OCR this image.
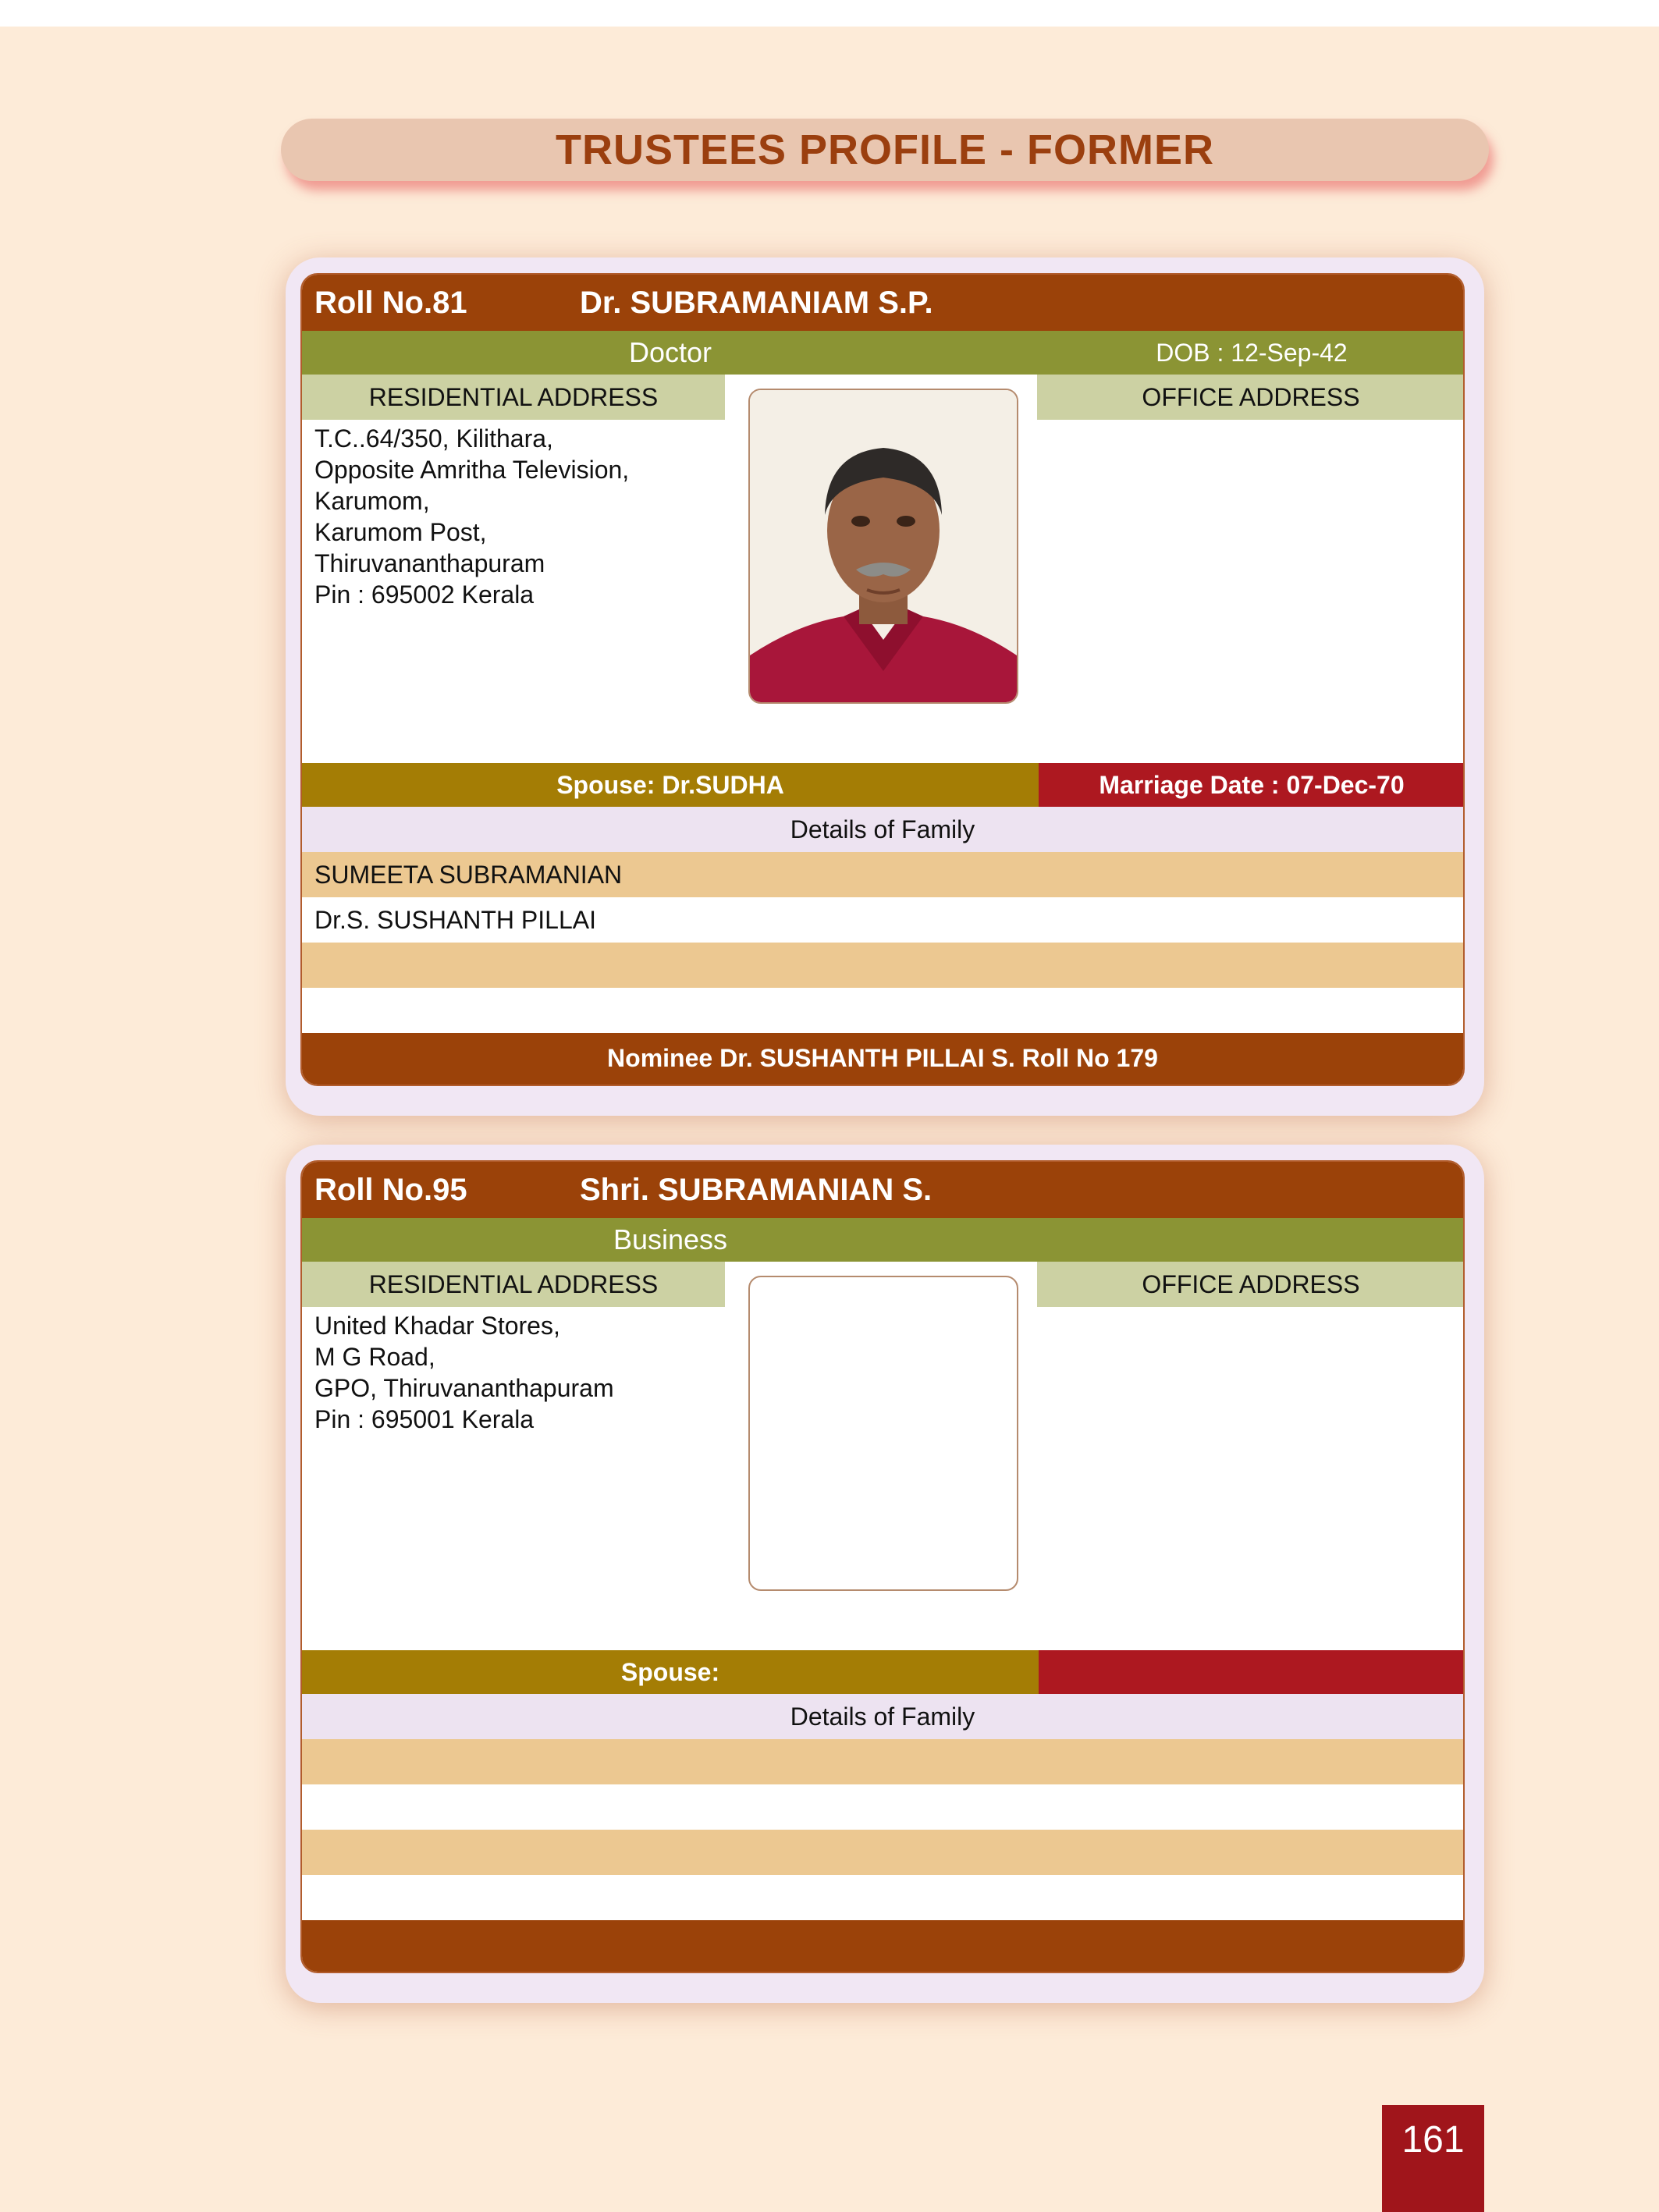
TRUSTEES PROFILE - FORMER
Roll No.81	Dr. SUBRAMANIAM S.P.
Doctor	DOB : 12-Sep-42
RESIDENTIAL ADDRESS	OFFICE ADDRESS
T.C..64/350, Kilithara,
Opposite Amritha Television,
Karumom,
Karumom Post,
Thiruvananthapuram
Pin : 695002 Kerala
Spouse: Dr.SUDHA	Marriage Date : 07-Dec-70
Details of Family
SUMEETA SUBRAMANIAN
Dr.S. SUSHANTH PILLAI
Nominee Dr. SUSHANTH PILLAI S. Roll No 179
Roll No.95	Shri. SUBRAMANIAN S.
Business
RESIDENTIAL ADDRESS	OFFICE ADDRESS
United Khadar Stores,
M G Road,
GPO, Thiruvananthapuram
Pin : 695001 Kerala
Spouse:
Details of Family
161
